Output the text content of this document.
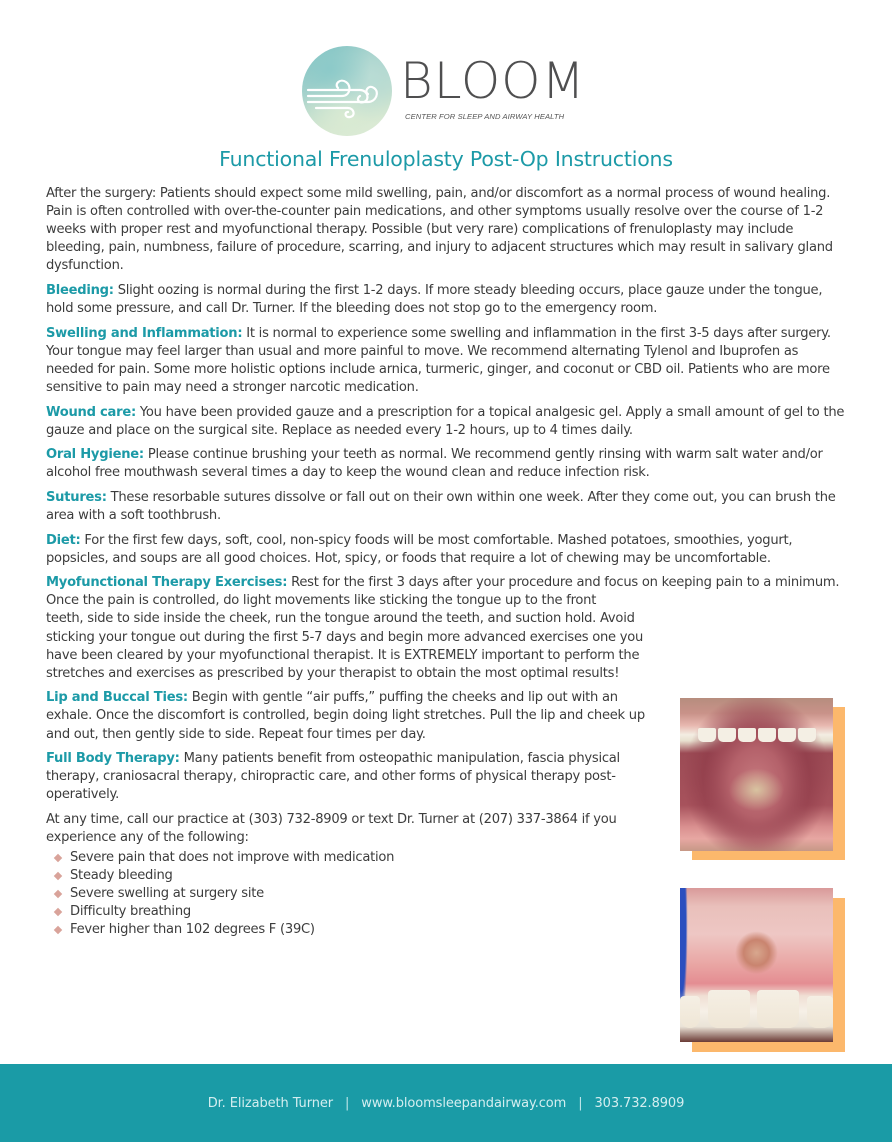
BLOOM
CENTER FOR SLEEP AND AIRWAY HEALTH
Functional Frenuloplasty Post-Op Instructions

After the surgery: Patients should expect some mild swelling, pain, and/or discomfort as a normal process of wound healing. Pain is often controlled with over-the-counter pain medications, and other symptoms usually resolve over the course of 1-2 weeks with proper rest and myofunctional therapy. Possible (but very rare) complications of frenuloplasty may include bleeding, pain, numbness, failure of procedure, scarring, and injury to adjacent structures which may result in salivary gland dysfunction.

Bleeding: Slight oozing is normal during the first 1-2 days. If more steady bleeding occurs, place gauze under the tongue, hold some pressure, and call Dr. Turner. If the bleeding does not stop go to the emergency room.

Swelling and Inflammation: It is normal to experience some swelling and inflammation in the first 3-5 days after surgery. Your tongue may feel larger than usual and more painful to move. We recommend alternating Tylenol and Ibuprofen as needed for pain. Some more holistic options include arnica, turmeric, ginger, and coconut or CBD oil. Patients who are more sensitive to pain may need a stronger narcotic medication.

Wound care: You have been provided gauze and a prescription for a topical analgesic gel. Apply a small amount of gel to the gauze and place on the surgical site. Replace as needed every 1-2 hours, up to 4 times daily.

Oral Hygiene: Please continue brushing your teeth as normal. We recommend gently rinsing with warm salt water and/or alcohol free mouthwash several times a day to keep the wound clean and reduce infection risk.

Sutures: These resorbable sutures dissolve or fall out on their own within one week. After they come out, you can brush the area with a soft toothbrush.

Diet: For the first few days, soft, cool, non-spicy foods will be most comfortable. Mashed potatoes, smoothies, yogurt, popsicles, and soups are all good choices. Hot, spicy, or foods that require a lot of chewing may be uncomfortable.

Myofunctional Therapy Exercises: Rest for the first 3 days after your procedure and focus on keeping pain to a minimum. Once the pain is controlled, do light movements like sticking the tongue up to the front

teeth, side to side inside the cheek, run the tongue around the teeth, and suction hold. Avoid sticking your tongue out during the first 5-7 days and begin more advanced exercises one you have been cleared by your myofunctional therapist. It is EXTREMELY important to perform the stretches and exercises as prescribed by your therapist to obtain the most optimal results!

Lip and Buccal Ties: Begin with gentle “air puffs,” puffing the cheeks and lip out with an exhale. Once the discomfort is controlled, begin doing light stretches. Pull the lip and cheek up and out, then gently side to side. Repeat four times per day.

Full Body Therapy: Many patients benefit from osteopathic manipulation, fascia physical therapy, craniosacral therapy, chiropractic care, and other forms of physical therapy post-operatively.

At any time, call our practice at (303) 732-8909 or text Dr. Turner at (207) 337-3864 if you experience any of the following:

Severe pain that does not improve with medication
Steady bleeding
Severe swelling at surgery site
Difficulty breathing
Fever higher than 102 degrees F (39C)
Dr. Elizabeth Turner | www.bloomsleepandairway.com | 303.732.8909
